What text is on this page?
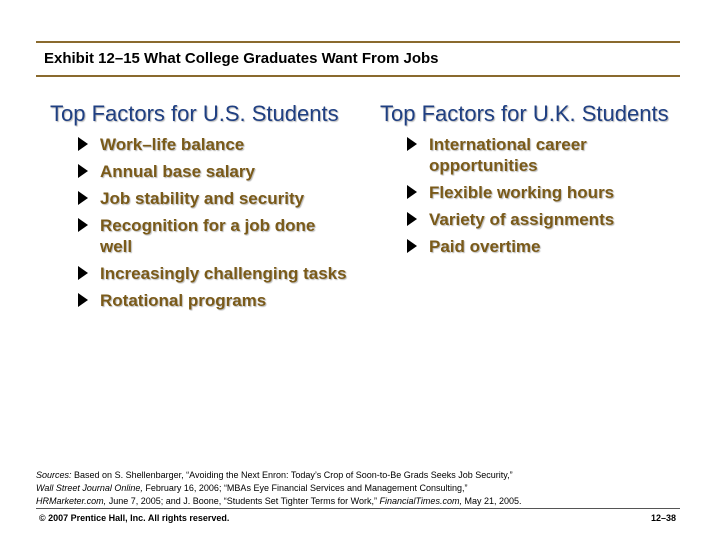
Exhibit 12–15 What College Graduates Want From Jobs
Top Factors for U.S. Students
Work–life balance
Annual base salary
Job stability and security
Recognition for a job done well
Increasingly challenging tasks
Rotational programs
Top Factors for U.K. Students
International career opportunities
Flexible working hours
Variety of assignments
Paid overtime
Sources: Based on S. Shellenbarger, “Avoiding the Next Enron: Today’s Crop of Soon-to-Be Grads Seeks Job Security,”
Wall Street Journal Online, February 16, 2006; “MBAs Eye Financial Services and Management Consulting,”
HRMarketer.com, June 7, 2005; and J. Boone, “Students Set Tighter Terms for Work,” FinancialTimes.com, May 21, 2005.
© 2007 Prentice Hall, Inc. All rights reserved.	12–38
